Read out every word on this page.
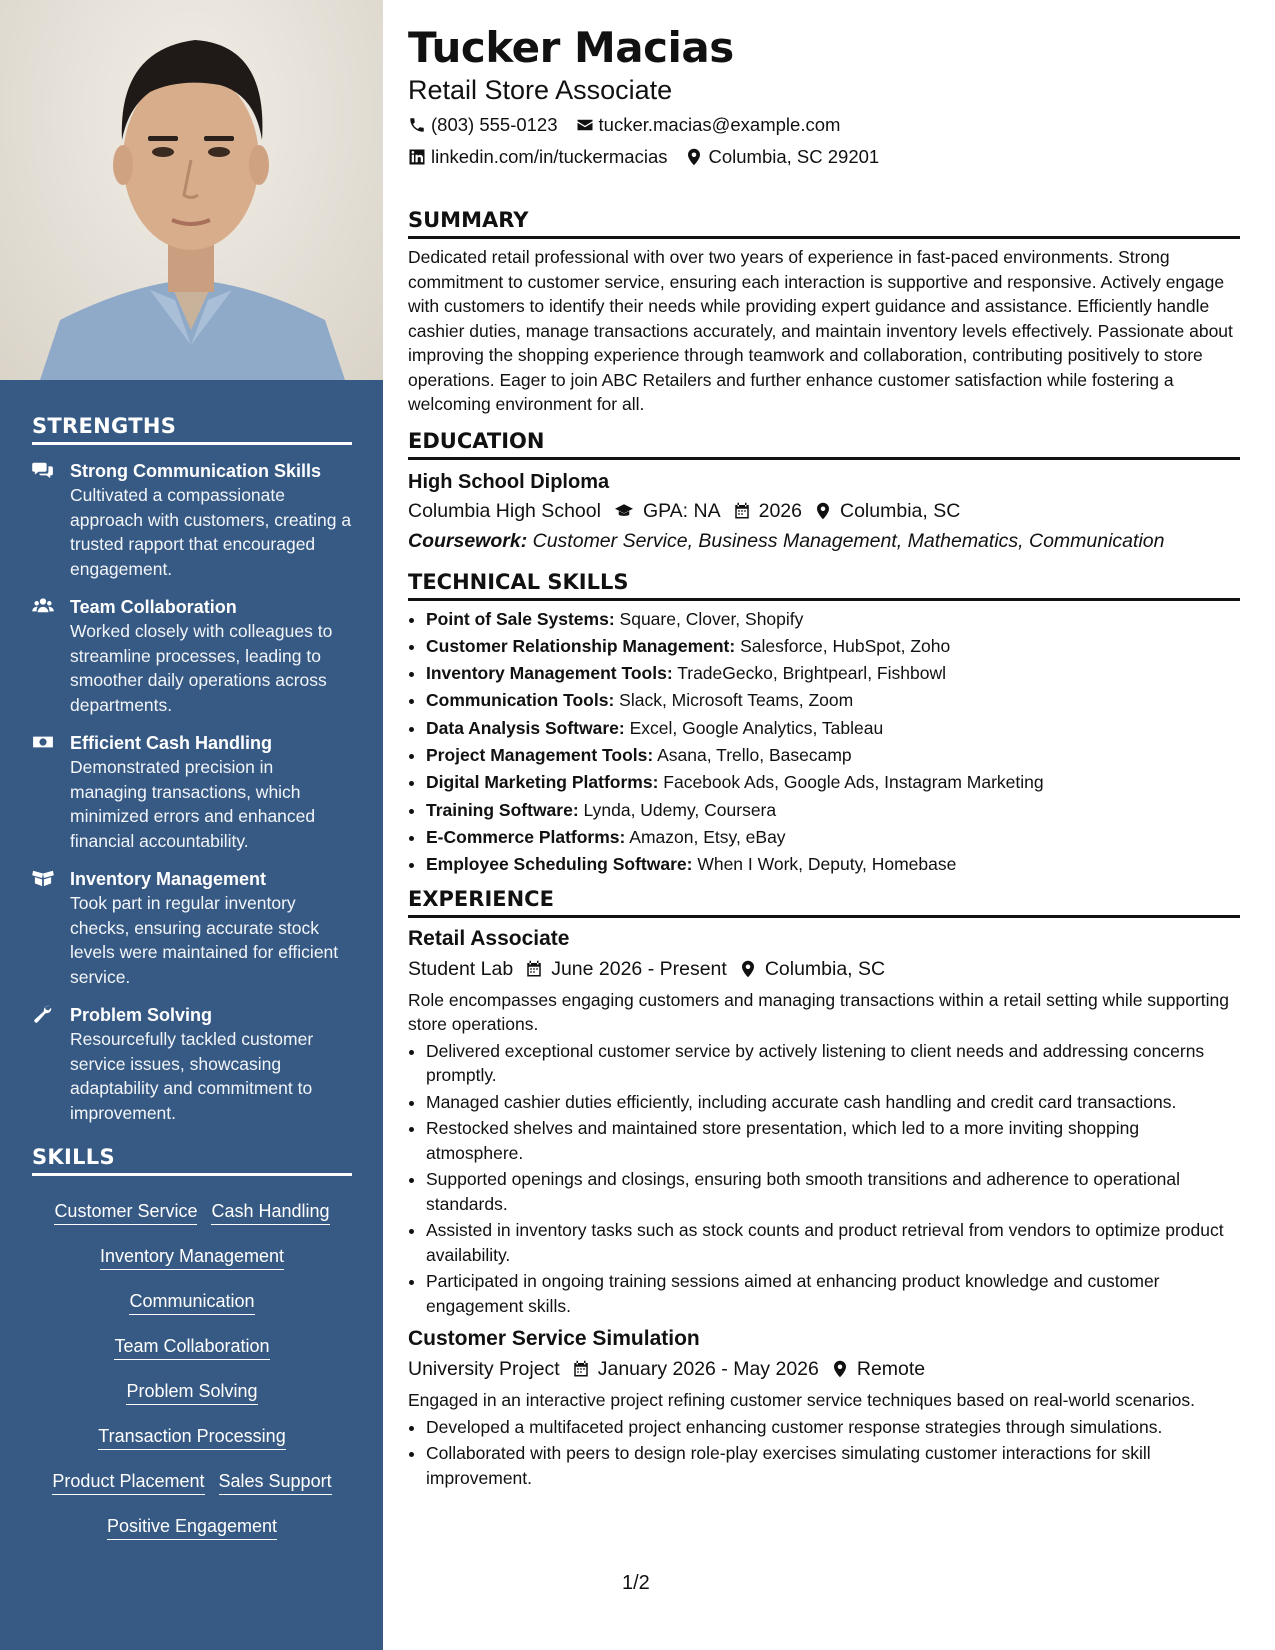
STRENGTHS
Strong Communication Skills
Cultivated a compassionate approach with customers, creating a trusted rapport that encouraged engagement.
Team Collaboration
Worked closely with colleagues to streamline processes, leading to smoother daily operations across departments.
Efficient Cash Handling
Demonstrated precision in managing transactions, which minimized errors and enhanced financial accountability.
Inventory Management
Took part in regular inventory checks, ensuring accurate stock levels were maintained for efficient service.
Problem Solving
Resourcefully tackled customer service issues, showcasing adaptability and commitment to improvement.
SKILLS
Customer Service Cash Handling
Inventory Management
Communication
Team Collaboration
Problem Solving
Transaction Processing
Product Placement Sales Support
Positive Engagement
Tucker Macias
Retail Store Associate
(803) 555-0123 tucker.macias@example.com
linkedin.com/in/tuckermacias Columbia, SC 29201
SUMMARY
Dedicated retail professional with over two years of experience in fast-paced environments. Strong commitment to customer service, ensuring each interaction is supportive and responsive. Actively engage with customers to identify their needs while providing expert guidance and assistance. Efficiently handle cashier duties, manage transactions accurately, and maintain inventory levels effectively. Passionate about improving the shopping experience through teamwork and collaboration, contributing positively to store operations. Eager to join ABC Retailers and further enhance customer satisfaction while fostering a welcoming environment for all.
EDUCATION
High School Diploma
Columbia High School GPA: NA 2026 Columbia, SC
Coursework: Customer Service, Business Management, Mathematics, Communication
TECHNICAL SKILLS
• Point of Sale Systems: Square, Clover, Shopify
• Customer Relationship Management: Salesforce, HubSpot, Zoho
• Inventory Management Tools: TradeGecko, Brightpearl, Fishbowl
• Communication Tools: Slack, Microsoft Teams, Zoom
• Data Analysis Software: Excel, Google Analytics, Tableau
• Project Management Tools: Asana, Trello, Basecamp
• Digital Marketing Platforms: Facebook Ads, Google Ads, Instagram Marketing
• Training Software: Lynda, Udemy, Coursera
• E-Commerce Platforms: Amazon, Etsy, eBay
• Employee Scheduling Software: When I Work, Deputy, Homebase
EXPERIENCE
Retail Associate
Student Lab June 2026 - Present Columbia, SC
Role encompasses engaging customers and managing transactions within a retail setting while supporting store operations.
• Delivered exceptional customer service by actively listening to client needs and addressing concerns promptly.
• Managed cashier duties efficiently, including accurate cash handling and credit card transactions.
• Restocked shelves and maintained store presentation, which led to a more inviting shopping atmosphere.
• Supported openings and closings, ensuring both smooth transitions and adherence to operational standards.
• Assisted in inventory tasks such as stock counts and product retrieval from vendors to optimize product availability.
• Participated in ongoing training sessions aimed at enhancing product knowledge and customer engagement skills.
Customer Service Simulation
University Project January 2026 - May 2026 Remote
Engaged in an interactive project refining customer service techniques based on real-world scenarios.
• Developed a multifaceted project enhancing customer response strategies through simulations.
• Collaborated with peers to design role-play exercises simulating customer interactions for skill improvement.
1/2
